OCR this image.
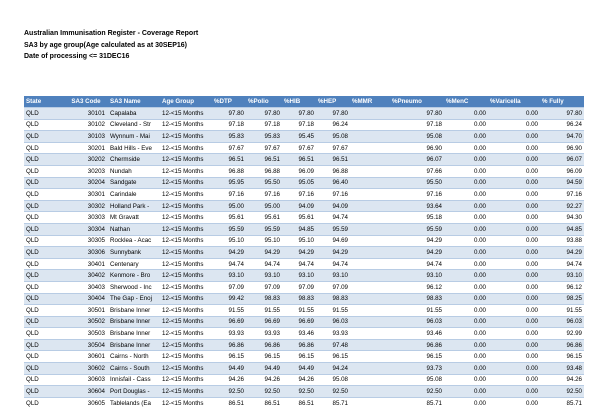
Australian Immunisation Register - Coverage Report
SA3 by age group(Age calculated as at 30SEP16)
Date of processing <= 31DEC16
State	SA3 Code	SA3 Name	Age Group	%DTP	%Polio	%HIB	%HEP	%MMR	%Pneumo	%MenC	%Varicella	% Fully
QLD	30101	Capalaba	12-<15 Months	97.80	97.80	97.80	97.80		97.80	0.00	0.00	97.80
QLD	30102	Cleveland - Str	12-<15 Months	97.18	97.18	97.18	96.24		97.18	0.00	0.00	96.24
QLD	30103	Wynnum - Mai	12-<15 Months	95.83	95.83	95.45	95.08		95.08	0.00	0.00	94.70
QLD	30201	Bald Hills - Eve	12-<15 Months	97.67	97.67	97.67	97.67		96.90	0.00	0.00	96.90
QLD	30202	Chermside	12-<15 Months	96.51	96.51	96.51	96.51		96.07	0.00	0.00	96.07
QLD	30203	Nundah	12-<15 Months	96.88	96.88	96.09	96.88		97.66	0.00	0.00	96.09
QLD	30204	Sandgate	12-<15 Months	95.95	95.50	95.05	96.40		95.50	0.00	0.00	94.59
QLD	30301	Carindale	12-<15 Months	97.16	97.16	97.16	97.16		97.16	0.00	0.00	97.16
QLD	30302	Holland Park -	12-<15 Months	95.00	95.00	94.09	94.09		93.64	0.00	0.00	92.27
QLD	30303	Mt Gravatt	12-<15 Months	95.61	95.61	95.61	94.74		95.18	0.00	0.00	94.30
QLD	30304	Nathan	12-<15 Months	95.59	95.59	94.85	95.59		95.59	0.00	0.00	94.85
QLD	30305	Rocklea - Acac	12-<15 Months	95.10	95.10	95.10	94.69		94.29	0.00	0.00	93.88
QLD	30306	Sunnybank	12-<15 Months	94.29	94.29	94.29	94.29		94.29	0.00	0.00	94.29
QLD	30401	Centenary	12-<15 Months	94.74	94.74	94.74	94.74		94.74	0.00	0.00	94.74
QLD	30402	Kenmore - Bro	12-<15 Months	93.10	93.10	93.10	93.10		93.10	0.00	0.00	93.10
QLD	30403	Sherwood - Inc	12-<15 Months	97.09	97.09	97.09	97.09		96.12	0.00	0.00	96.12
QLD	30404	The Gap - Enoj	12-<15 Months	99.42	98.83	98.83	98.83		98.83	0.00	0.00	98.25
QLD	30501	Brisbane Inner	12-<15 Months	91.55	91.55	91.55	91.55		91.55	0.00	0.00	91.55
QLD	30502	Brisbane Inner	12-<15 Months	96.69	96.69	96.69	96.03		96.03	0.00	0.00	96.03
QLD	30503	Brisbane Inner	12-<15 Months	93.93	93.93	93.46	93.93		93.46	0.00	0.00	92.99
QLD	30504	Brisbane Inner	12-<15 Months	96.86	96.86	96.86	97.48		96.86	0.00	0.00	96.86
QLD	30601	Cairns - North	12-<15 Months	96.15	96.15	96.15	96.15		96.15	0.00	0.00	96.15
QLD	30602	Cairns - South	12-<15 Months	94.49	94.49	94.49	94.24		93.73	0.00	0.00	93.48
QLD	30603	Innisfail - Cass	12-<15 Months	94.26	94.26	94.26	95.08		95.08	0.00	0.00	94.26
QLD	30604	Port Douglas -	12-<15 Months	92.50	92.50	92.50	92.50		92.50	0.00	0.00	92.50
QLD	30605	Tablelands (Ea	12-<15 Months	86.51	86.51	86.51	85.71		85.71	0.00	0.00	85.71
